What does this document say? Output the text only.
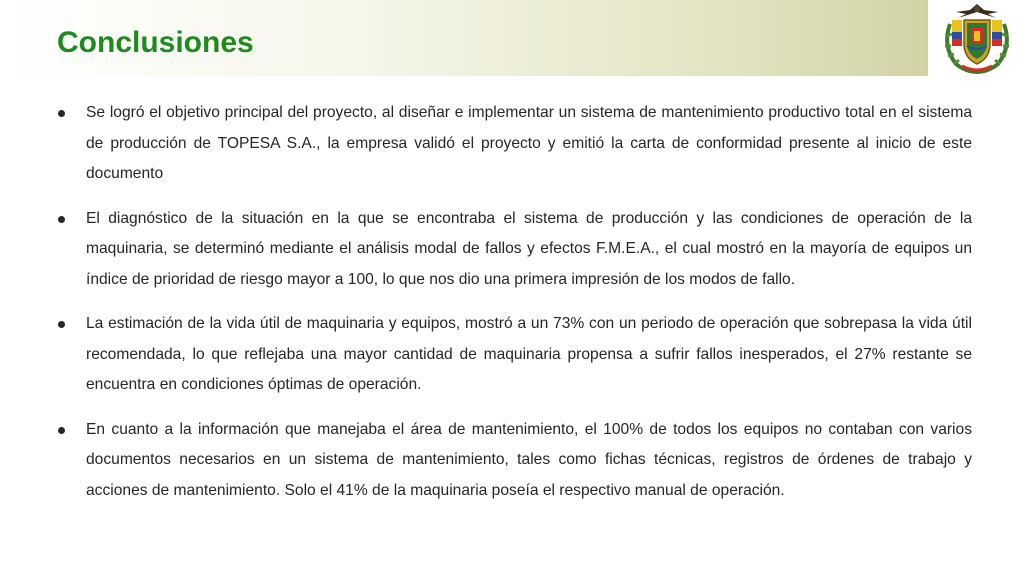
Conclusiones
Se logró el objetivo principal del proyecto, al diseñar e implementar un sistema de mantenimiento productivo total en el sistema de producción de TOPESA S.A., la empresa validó el proyecto y emitió la carta de conformidad presente al inicio de este documento
El diagnóstico de la situación en la que se encontraba el sistema de producción y las condiciones de operación de la maquinaria, se determinó mediante el análisis modal de fallos y efectos F.M.E.A., el cual mostró en la mayoría de equipos un índice de prioridad de riesgo mayor a 100, lo que nos dio una primera impresión de los modos de fallo.
La estimación de la vida útil de maquinaria y equipos, mostró a un 73% con un periodo de operación que sobrepasa la vida útil recomendada, lo que reflejaba una mayor cantidad de maquinaria propensa a sufrir fallos inesperados, el 27% restante se encuentra en condiciones óptimas de operación.
En cuanto a la información que manejaba el área de mantenimiento, el 100% de todos los equipos no contaban con varios documentos necesarios en un sistema de mantenimiento, tales como fichas técnicas, registros de órdenes de trabajo y acciones de mantenimiento. Solo el 41% de la maquinaria poseía el respectivo manual de operación.
